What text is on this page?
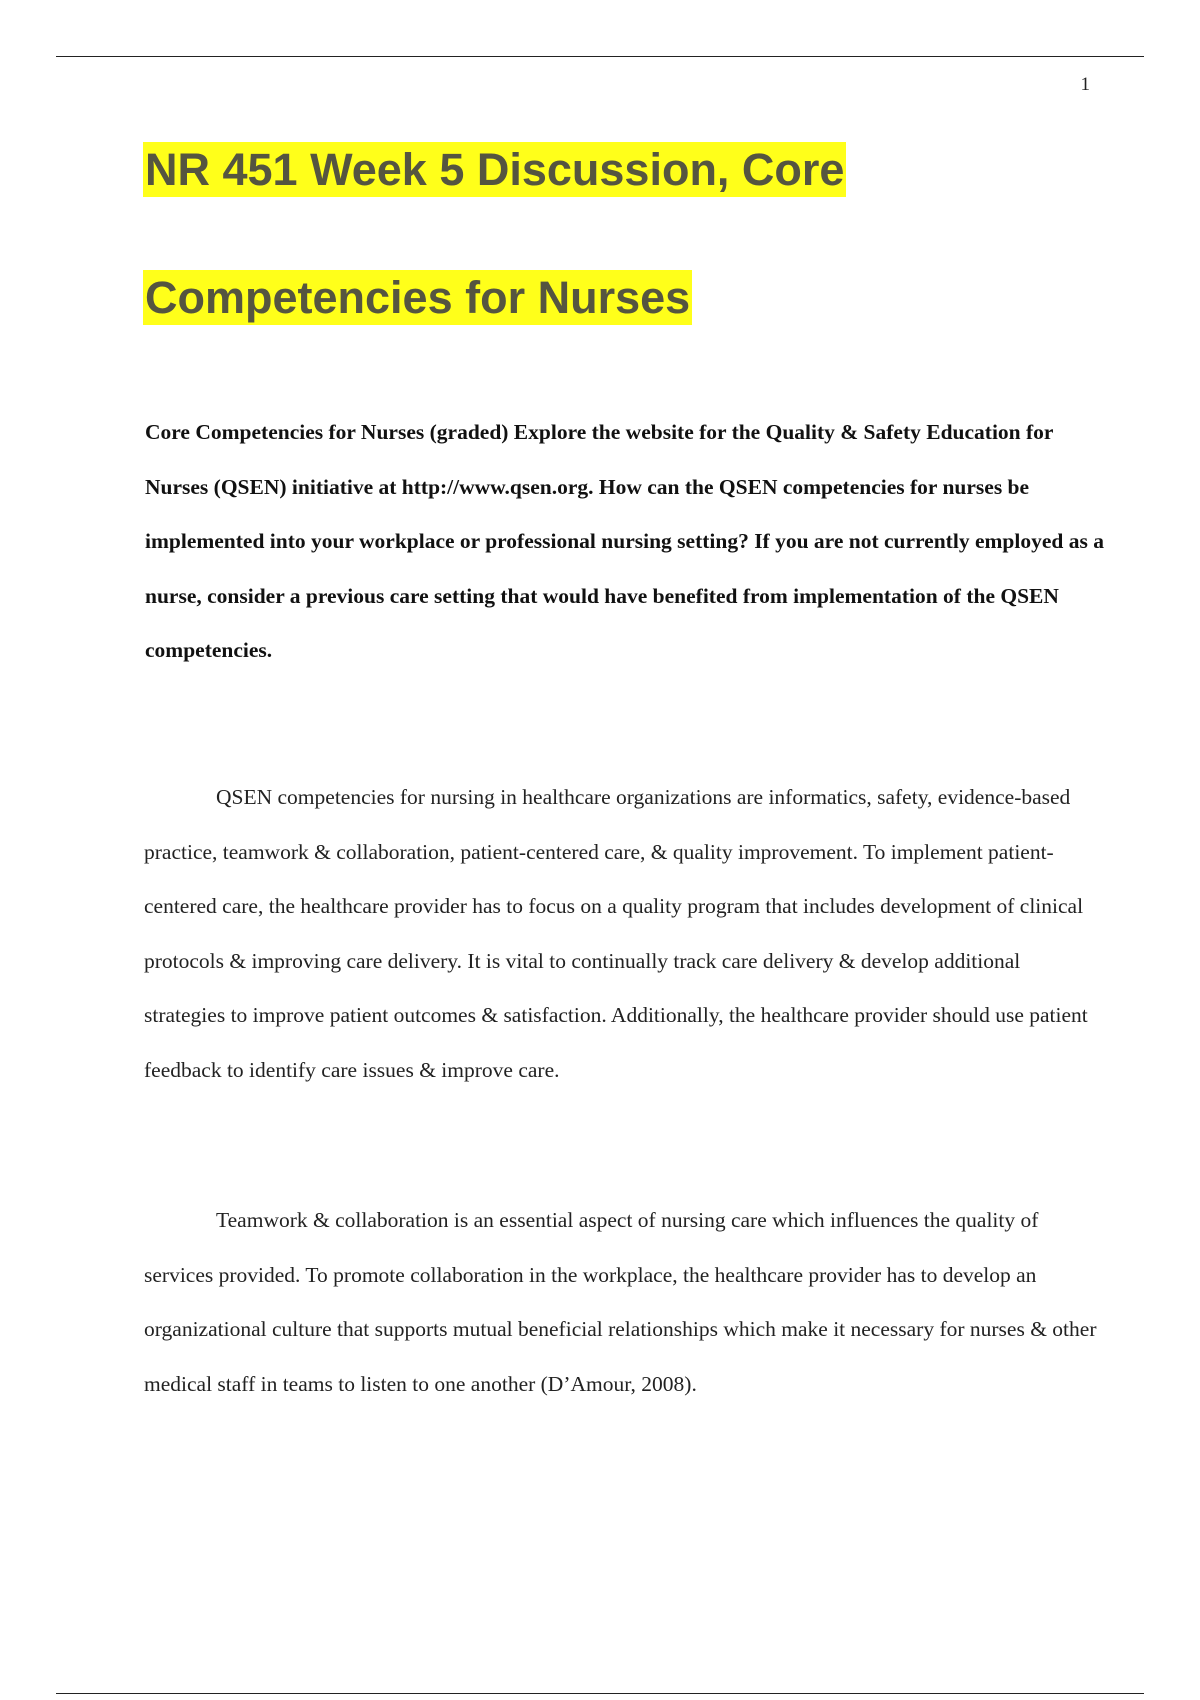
1
NR 451 Week 5 Discussion, Core
Competencies for Nurses

Core Competencies for Nurses (graded) Explore the website for the Quality & Safety Education for Nurses (QSEN) initiative at http://www.qsen.org. How can the QSEN competencies for nurses be implemented into your workplace or professional nursing setting? If you are not currently employed as a nurse, consider a previous care setting that would have benefited from implementation of the QSEN competencies.

QSEN competencies for nursing in healthcare organizations are informatics, safety, evidence-based practice, teamwork & collaboration, patient-centered care, & quality improvement. To implement patient-centered care, the healthcare provider has to focus on a quality program that includes development of clinical protocols & improving care delivery. It is vital to continually track care delivery & develop additional strategies to improve patient outcomes & satisfaction. Additionally, the healthcare provider should use patient feedback to identify care issues & improve care.

Teamwork & collaboration is an essential aspect of nursing care which influences the quality of services provided. To promote collaboration in the workplace, the healthcare provider has to develop an organizational culture that supports mutual beneficial relationships which make it necessary for nurses & other medical staff in teams to listen to one another (D’Amour, 2008).
